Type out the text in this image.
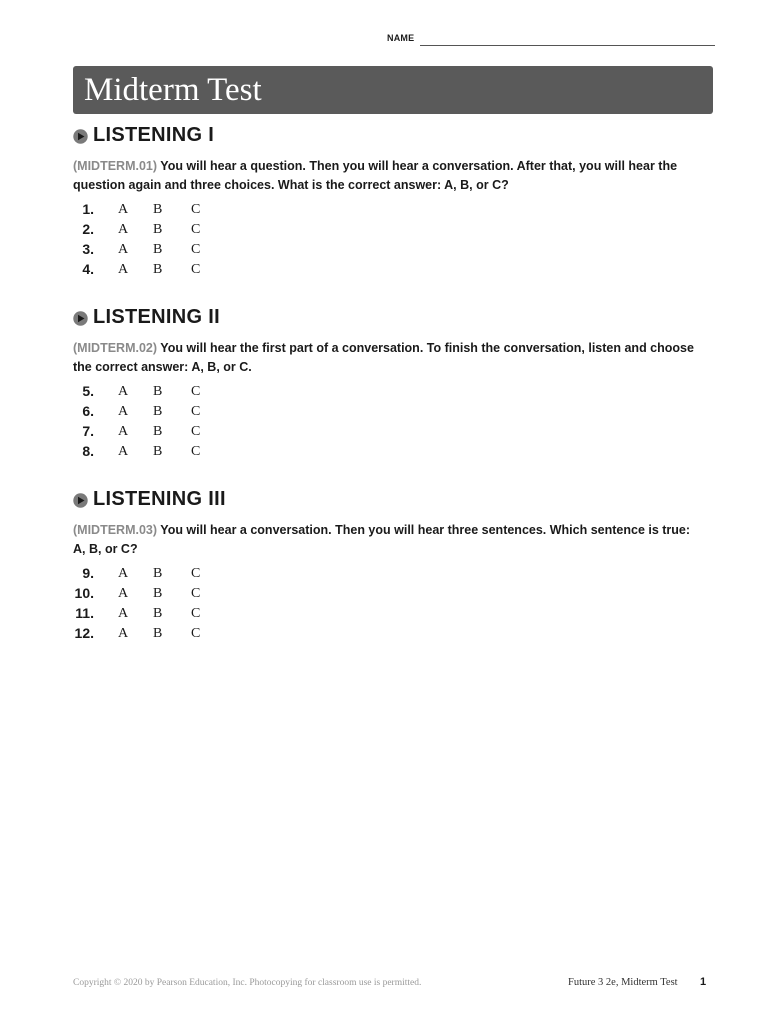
NAME
Midterm Test
LISTENING I
(MIDTERM.01) You will hear a question. Then you will hear a conversation. After that, you will hear the question again and three choices. What is the correct answer: A, B, or C?
1. A B C
2. A B C
3. A B C
4. A B C
LISTENING II
(MIDTERM.02) You will hear the first part of a conversation. To finish the conversation, listen and choose the correct answer: A, B, or C.
5. A B C
6. A B C
7. A B C
8. A B C
LISTENING III
(MIDTERM.03) You will hear a conversation. Then you will hear three sentences. Which sentence is true: A, B, or C?
9. A B C
10. A B C
11. A B C
12. A B C
Copyright © 2020 by Pearson Education, Inc. Photocopying for classroom use is permitted.	Future 3 2e, Midterm Test 1
